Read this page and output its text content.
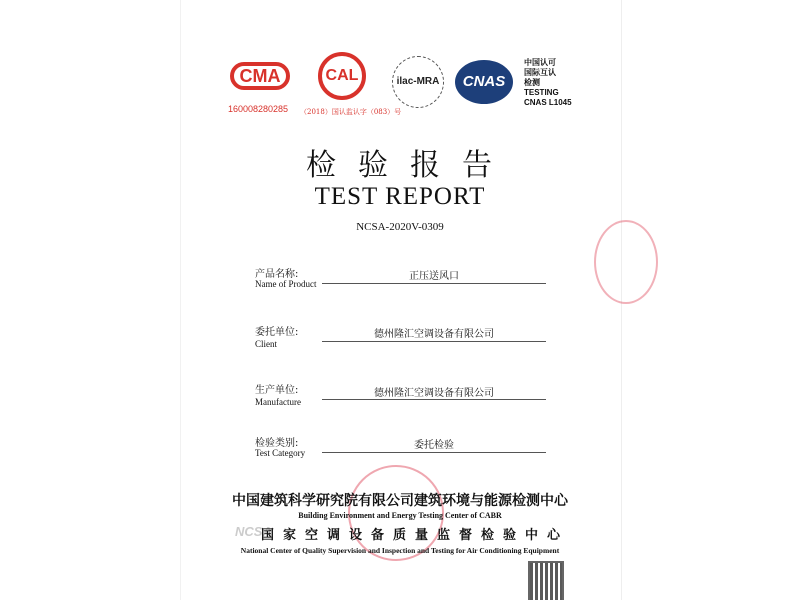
CMA
160008280285
CAL
（2018）国认监认字（083）号
ilac-MRA	CNAS
中国认可
国际互认
检测
TESTING
CNAS L1045
检验报告
TEST REPORT
NCSA-2020V-0309
产品名称:
Name of Product
正压送风口
委托单位:
Client
德州隆汇空调设备有限公司
生产单位:
Manufacture
德州隆汇空调设备有限公司
检验类别:
Test Category
委托检验
中国建筑科学研究院有限公司建筑环境与能源检测中心
Building Environment and Energy Testing Center of CABR
NCSA
国家空调设备质量监督检验中心
National Center of Quality Supervision and Inspection and Testing for Air Conditioning Equipment
